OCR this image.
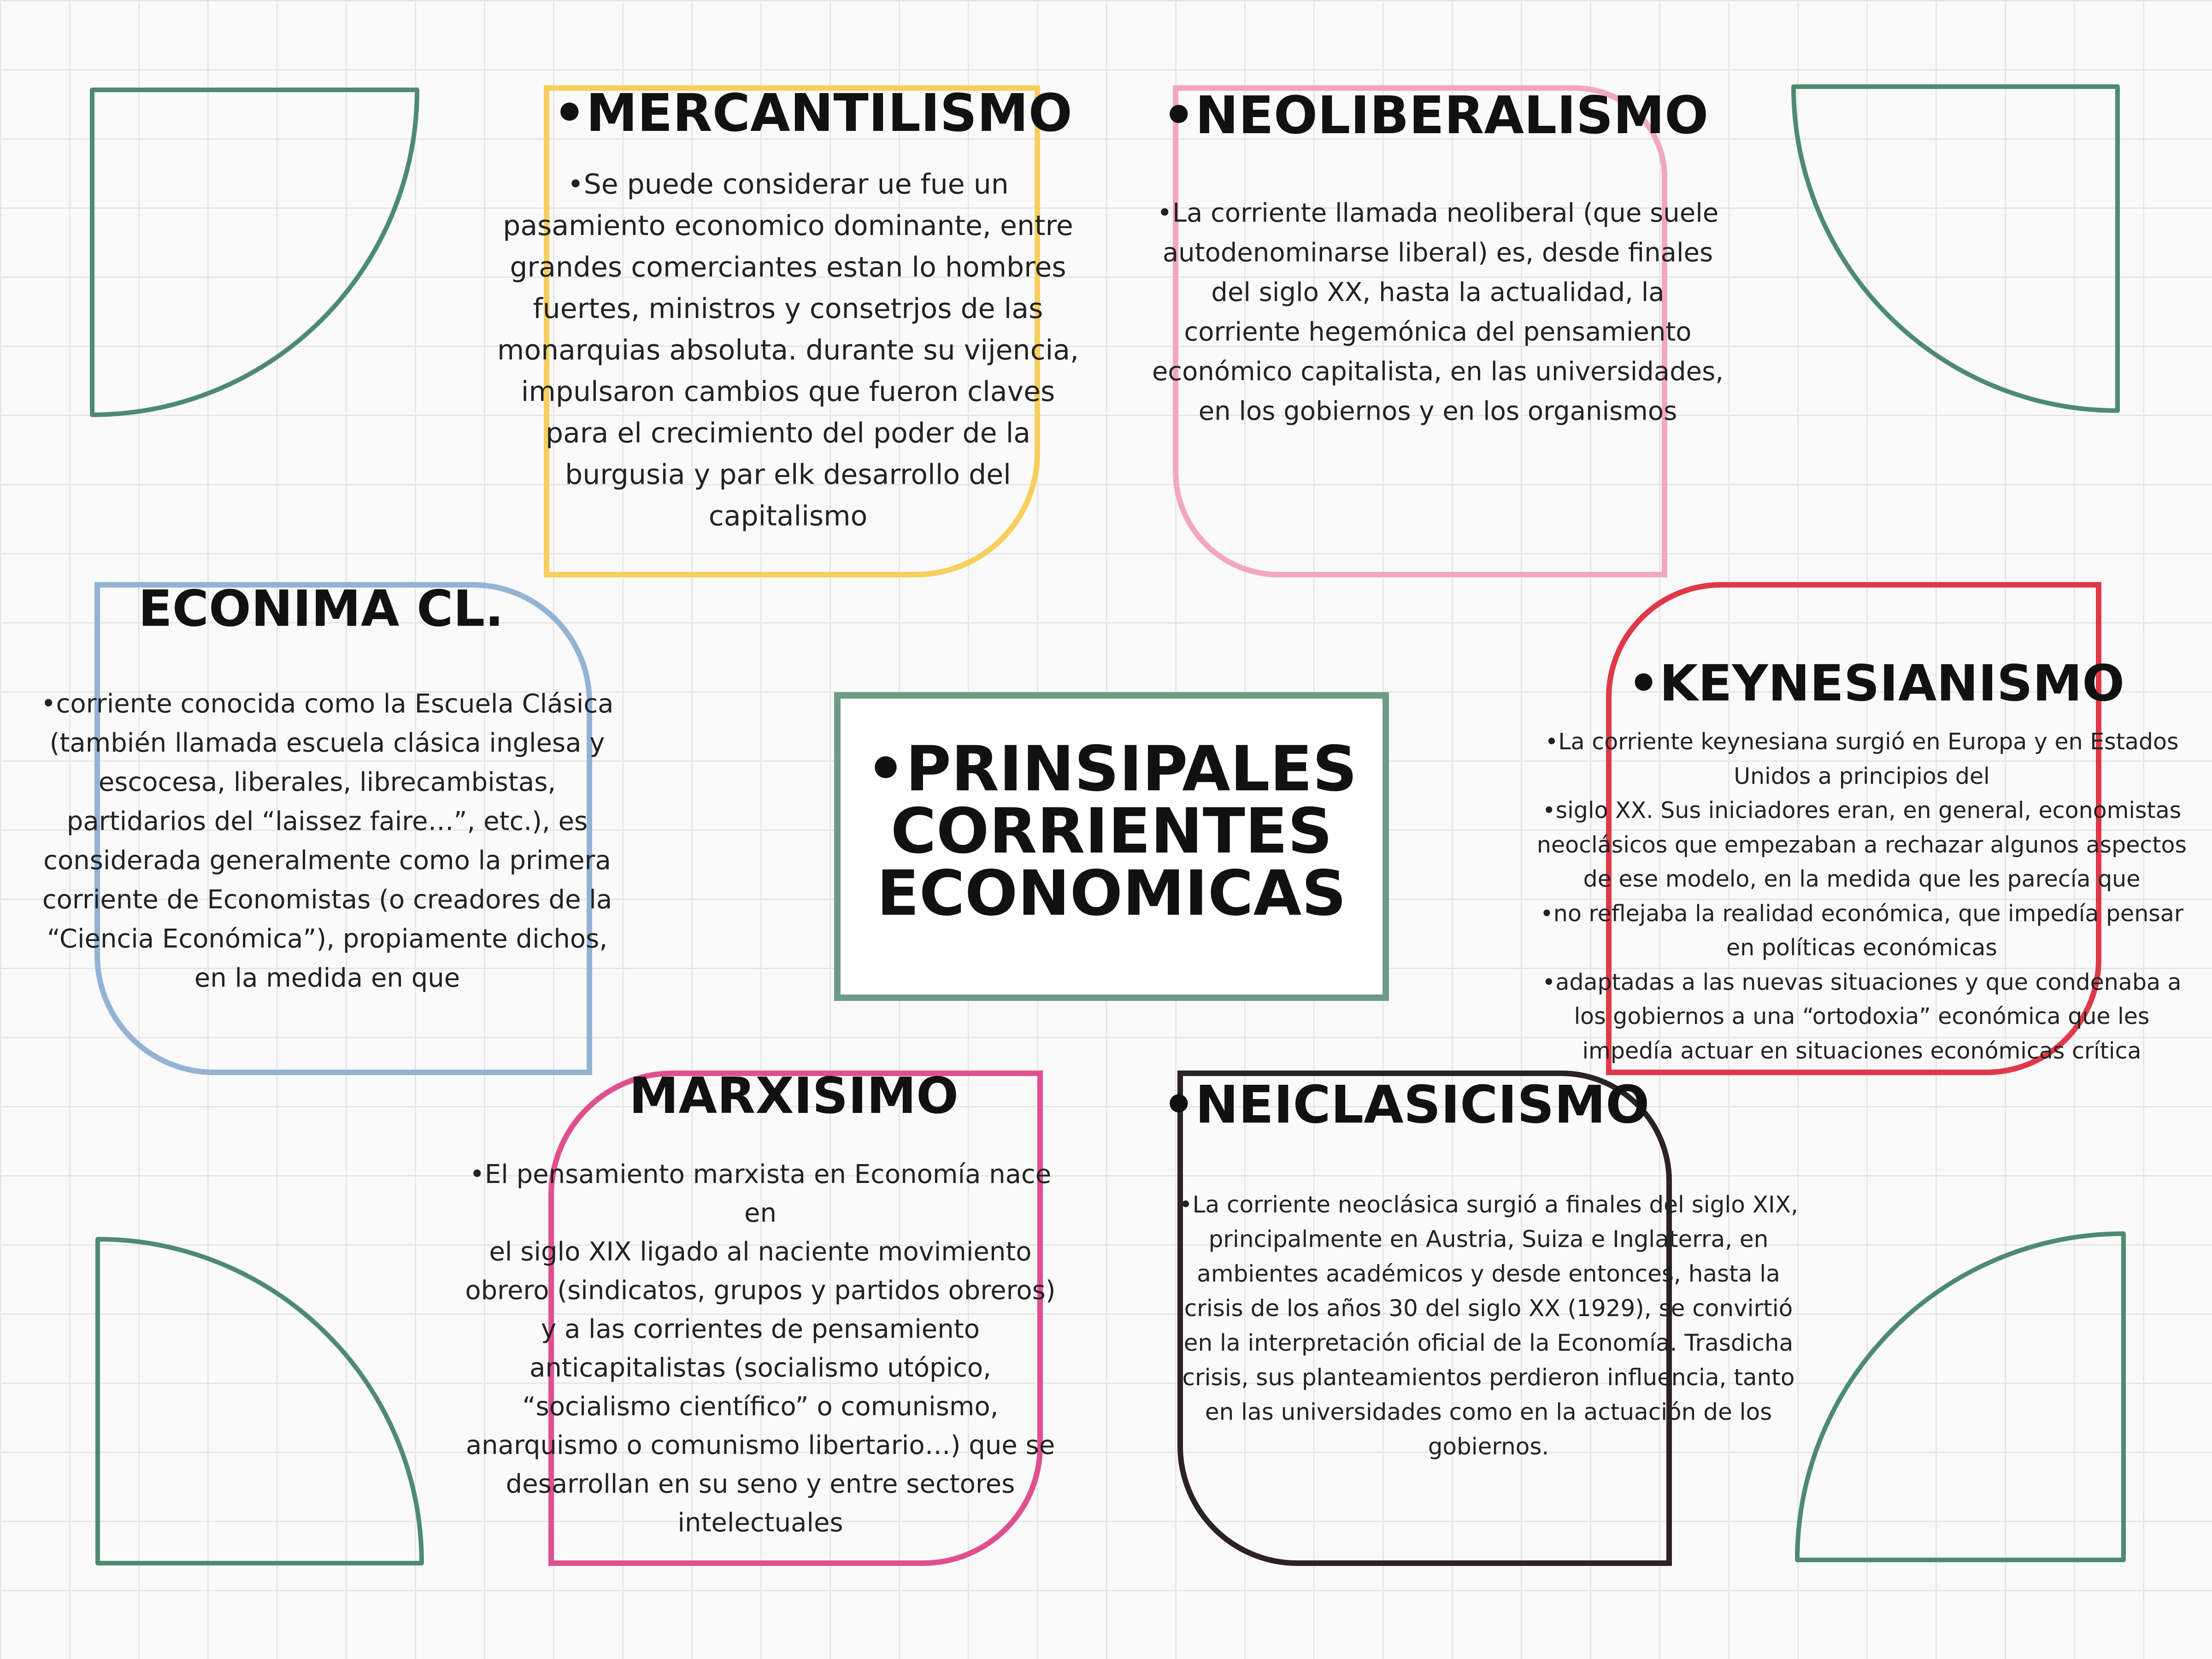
•PRINSIPALES
CORRIENTES
ECONOMICAS
•MERCANTILISMO

•Se puede considerar ue fue un
pasamiento economico dominante, entre
grandes comerciantes estan lo hombres
fuertes, ministros y consetrjos de las
monarquias absoluta. durante su vijencia,
impulsaron cambios que fueron claves
para el crecimiento del poder de la
burgusia y par elk desarrollo del
capitalismo

•NEOLIBERALISMO

•La corriente llamada neoliberal (que suele
autodenominarse liberal) es, desde finales
del siglo XX, hasta la actualidad, la
corriente hegemónica del pensamiento
económico capitalista, en las universidades,
en los gobiernos y en los organismos

ECONIMA CL.

•corriente conocida como la Escuela Clásica
(también llamada escuela clásica inglesa y
escocesa, liberales, librecambistas,
partidarios del “laissez faire…”, etc.), es
considerada generalmente como la primera
corriente de Economistas (o creadores de la
“Ciencia Económica”), propiamente dichos,
en la medida en que

•KEYNESIANISMO

•La corriente keynesiana surgió en Europa y en Estados
Unidos a principios del
•siglo XX. Sus iniciadores eran, en general, economistas
neoclásicos que empezaban a rechazar algunos aspectos
de ese modelo, en la medida que les parecía que
•no reflejaba la realidad económica, que impedía pensar
en políticas económicas
•adaptadas a las nuevas situaciones y que condenaba a
los gobiernos a una “ortodoxia” económica que les
impedía actuar en situaciones económicas crítica

MARXISIMO

•El pensamiento marxista en Economía nace en
el siglo XIX ligado al naciente movimiento
obrero (sindicatos, grupos y partidos obreros)
y a las corrientes de pensamiento
anticapitalistas (socialismo utópico,
“socialismo científico” o comunismo,
anarquismo o comunismo libertario…) que se
desarrollan en su seno y entre sectores
intelectuales

•NEICLASICISMO

•La corriente neoclásica surgió a finales del siglo XIX,
principalmente en Austria, Suiza e Inglaterra, en
ambientes académicos y desde entonces, hasta la
crisis de los años 30 del siglo XX (1929), se convirtió
en la interpretación oficial de la Economía. Trasdicha
crisis, sus planteamientos perdieron influencia, tanto
en las universidades como en la actuación de los
gobiernos.
